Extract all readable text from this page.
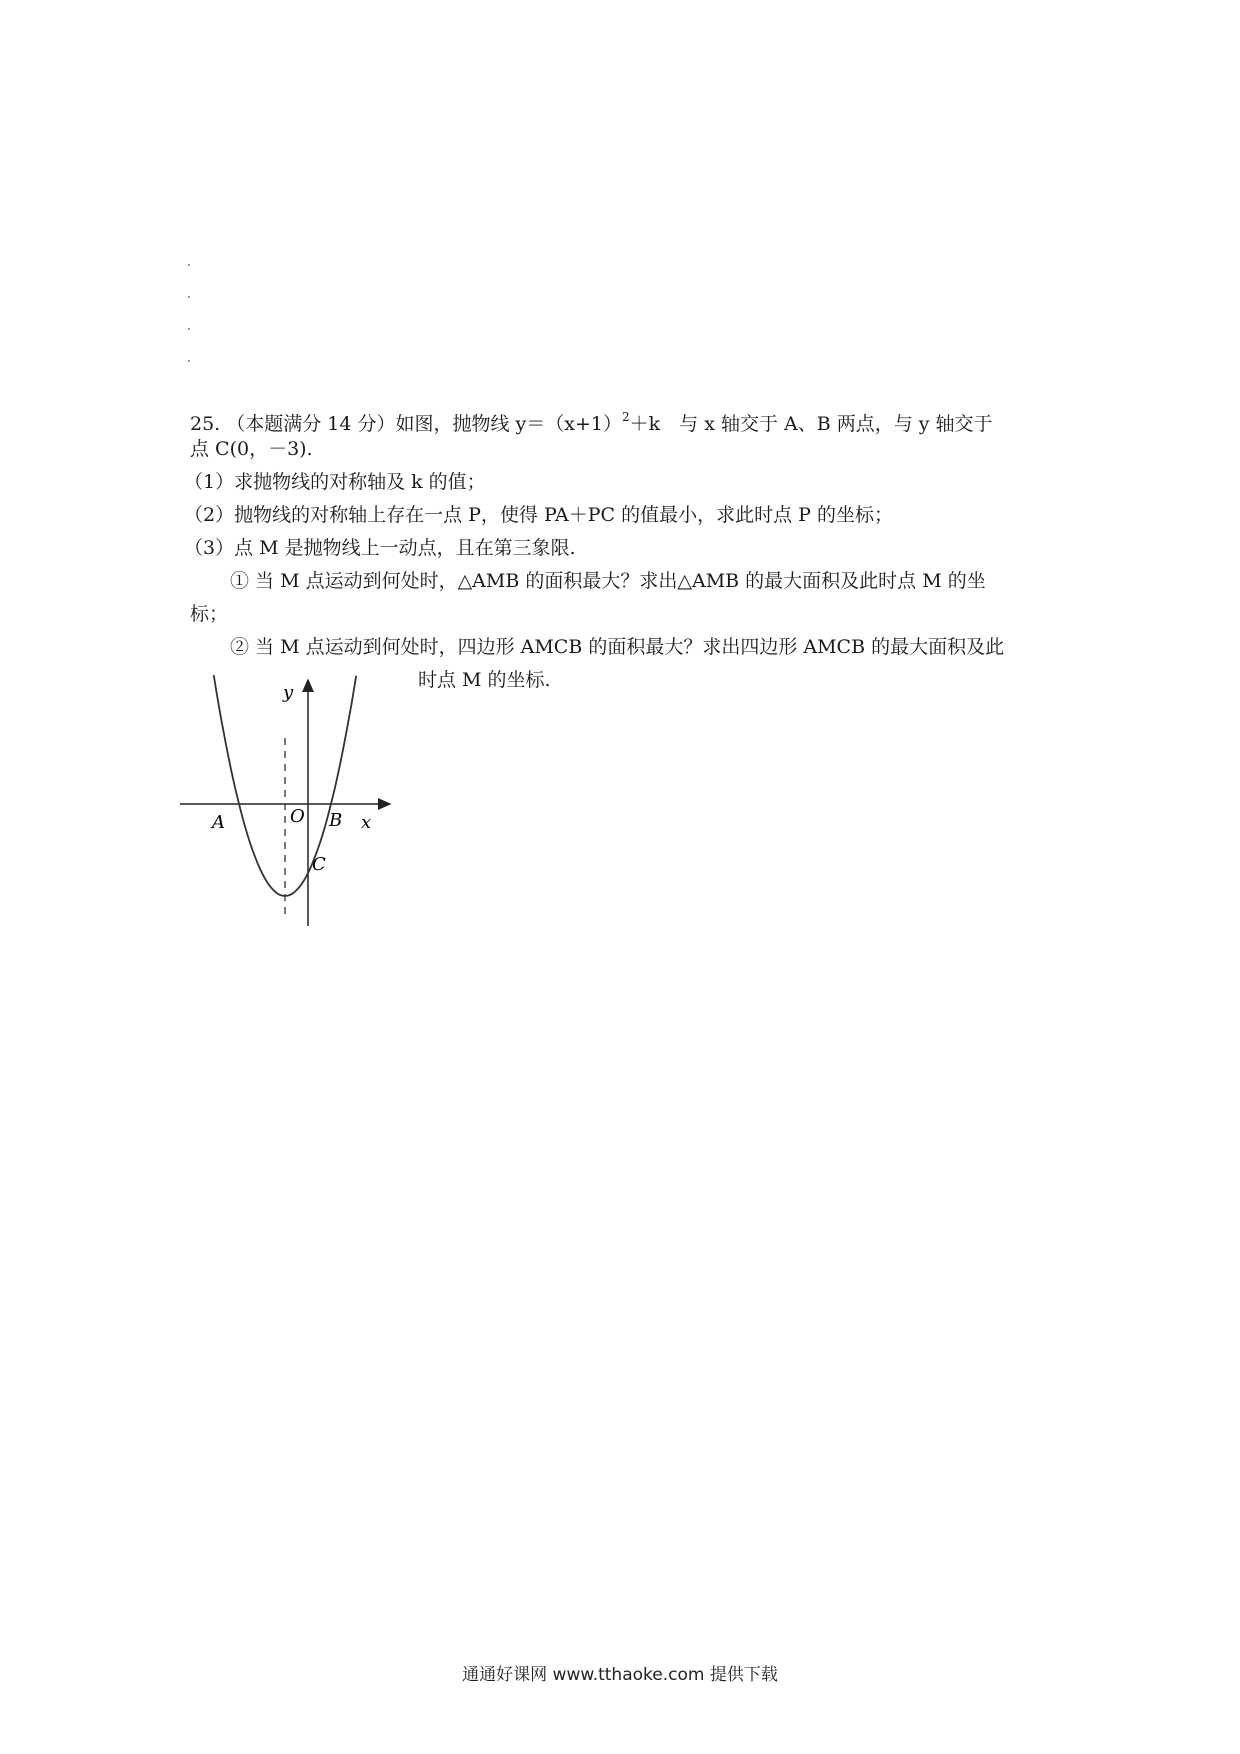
25. （本题满分 14 分）如图，抛物线 $y=(x+1)^2+k$　与 x 轴交于 A、B 两点，与 y 轴交于
点 C(0，－3).
（1）求抛物线的对称轴及 k 的值；
（2）抛物线的对称轴上存在一点 P，使得 PA＋PC 的值最小，求此时点 P 的坐标；
（3）点 M 是抛物线上一动点，且在第三象限.
① 当 M 点运动到何处时，△AMB 的面积最大？求出△AMB 的最大面积及此时点 M 的坐
标；
② 当 M 点运动到何处时，四边形 AMCB 的面积最大？求出四边形 AMCB 的最大面积及此
时点 M 的坐标.
y
x
O
A	B
C
通通好课网 www.tthaoke.com 提供下载
